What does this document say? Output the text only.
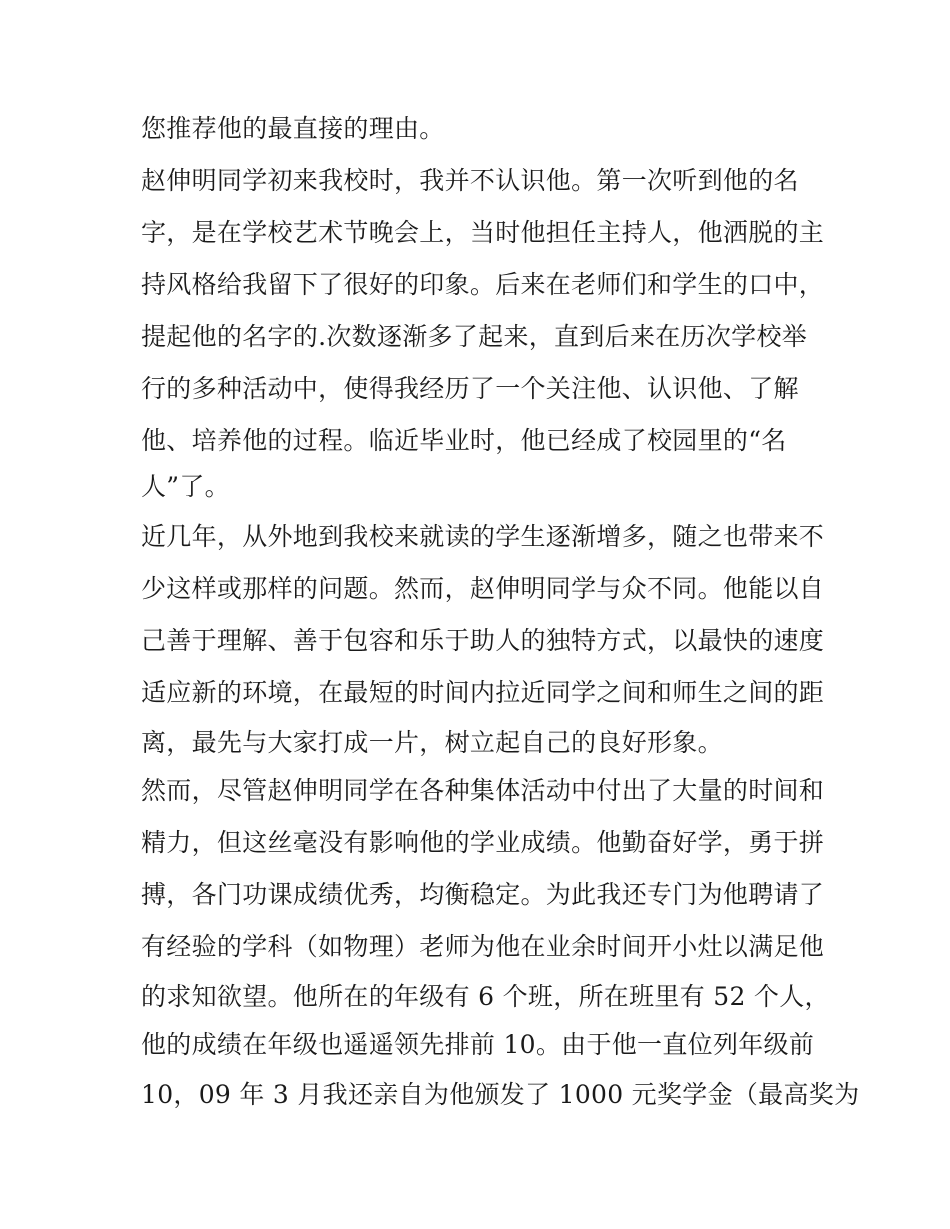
您推荐他的最直接的理由。
赵伸明同学初来我校时，我并不认识他。第一次听到他的名
字，是在学校艺术节晚会上，当时他担任主持人，他洒脱的主
持风格给我留下了很好的印象。后来在老师们和学生的口中，
提起他的名字的.次数逐渐多了起来，直到后来在历次学校举
行的多种活动中，使得我经历了一个关注他、认识他、了解
他、培养他的过程。临近毕业时，他已经成了校园里的“名
人”了。
近几年，从外地到我校来就读的学生逐渐增多，随之也带来不
少这样或那样的问题。然而，赵伸明同学与众不同。他能以自
己善于理解、善于包容和乐于助人的独特方式，以最快的速度
适应新的环境，在最短的时间内拉近同学之间和师生之间的距
离，最先与大家打成一片，树立起自己的良好形象。
然而，尽管赵伸明同学在各种集体活动中付出了大量的时间和
精力，但这丝毫没有影响他的学业成绩。他勤奋好学，勇于拼
搏，各门功课成绩优秀，均衡稳定。为此我还专门为他聘请了
有经验的学科（如物理）老师为他在业余时间开小灶以满足他
的求知欲望。他所在的年级有 6 个班，所在班里有 52 个人，
他的成绩在年级也遥遥领先排前 10。由于他一直位列年级前
10，09 年 3 月我还亲自为他颁发了 1000 元奖学金（最高奖为
